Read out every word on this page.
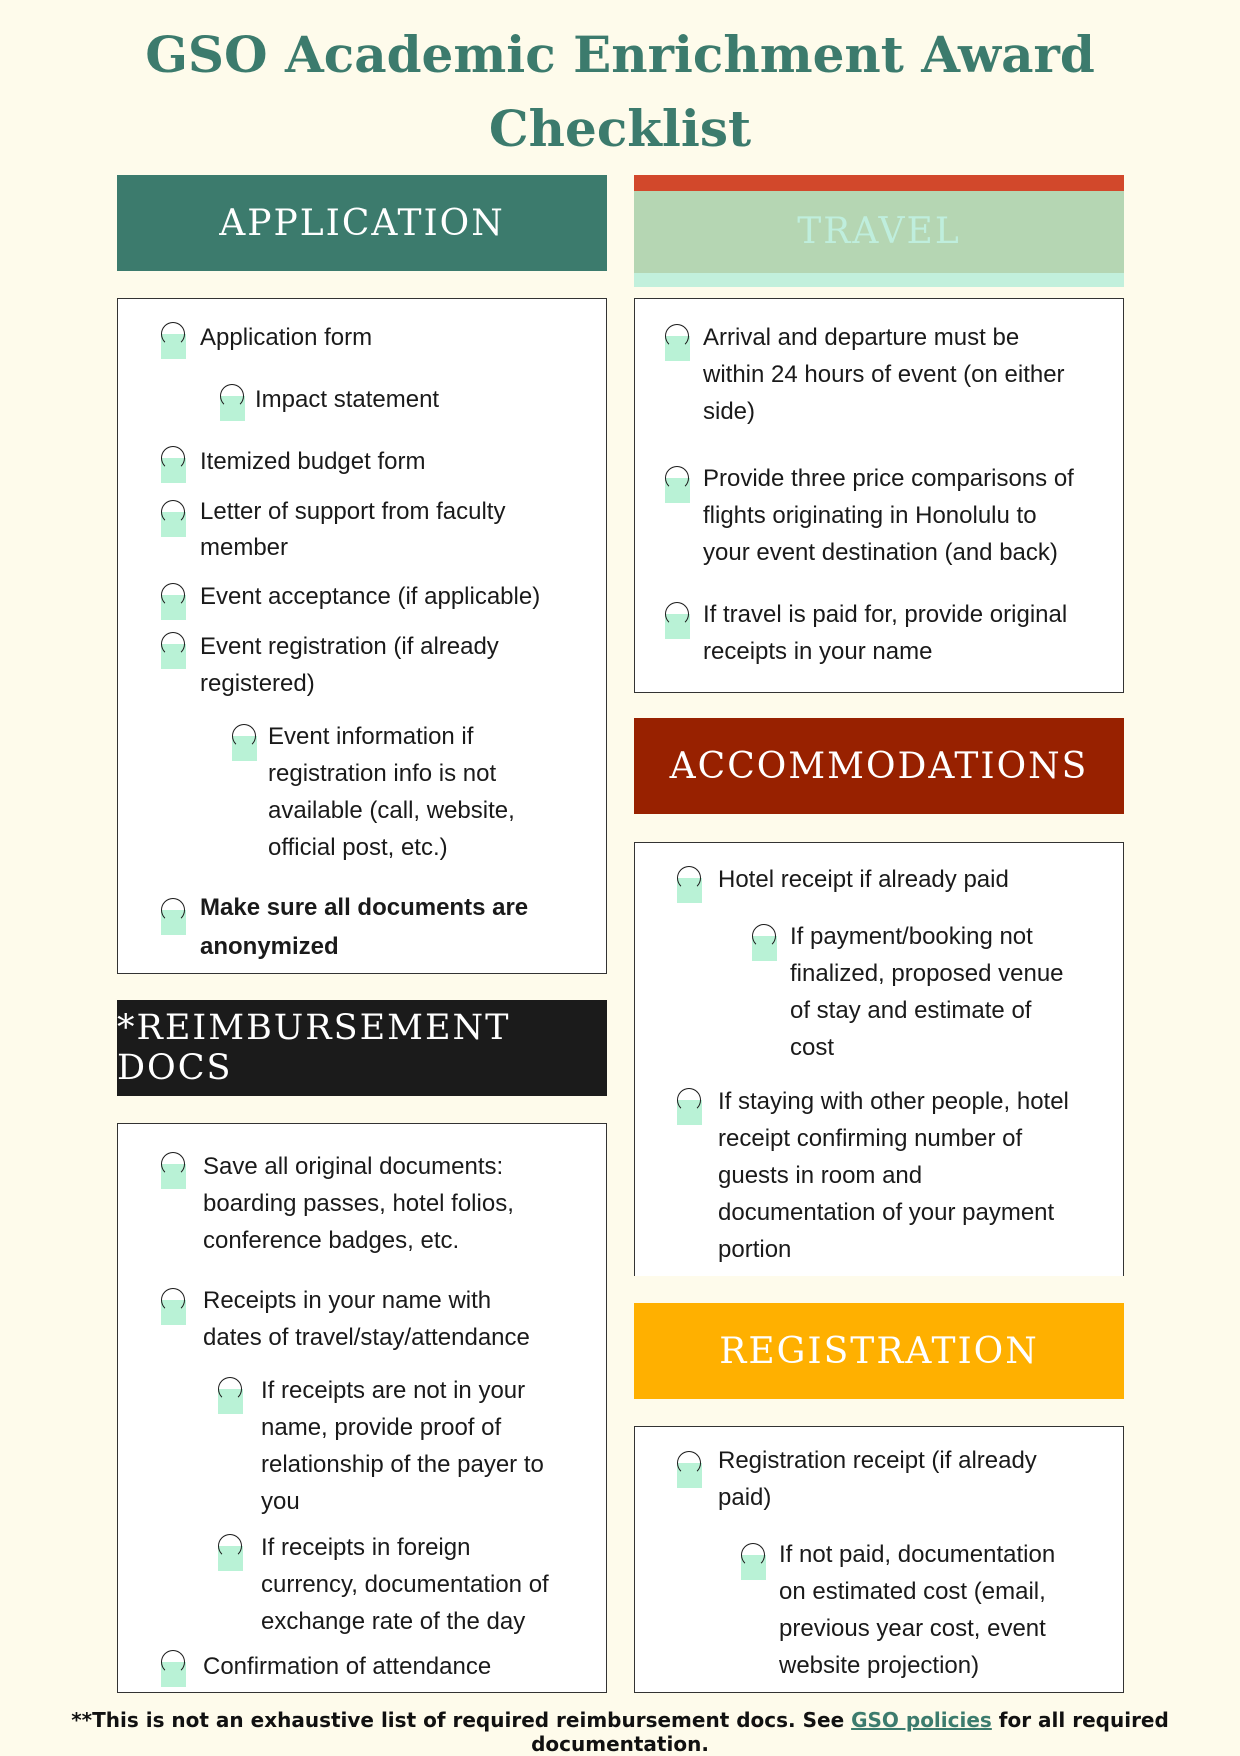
GSO Academic Enrichment Award
Checklist
APPLICATION
Application form
Impact statement
Itemized budget form
Letter of support from faculty
member
Event acceptance (if applicable)
Event registration (if already
registered)
Event information if
registration info is not
available (call, website,
official post, etc.)
Make sure all documents are
anonymized
TRAVEL
Arrival and departure must be
within 24 hours of event (on either
side)
Provide three price comparisons of
flights originating in Honolulu to
your event destination (and back)
If travel is paid for, provide original
receipts in your name
ACCOMMODATIONS
Hotel receipt if already paid
If payment/booking not
finalized, proposed venue
of stay and estimate of
cost
If staying with other people, hotel
receipt confirming number of
guests in room and
documentation of your payment
portion
*REIMBURSEMENT DOCS
Save all original documents:
boarding passes, hotel folios,
conference badges, etc.
Receipts in your name with
dates of travel/stay/attendance
If receipts are not in your
name, provide proof of
relationship of the payer to
you
If receipts in foreign
currency, documentation of
exchange rate of the day
Confirmation of attendance
REGISTRATION
Registration receipt (if already
paid)
If not paid, documentation
on estimated cost (email,
previous year cost, event
website projection)
**This is not an exhaustive list of required reimbursement docs. See GSO policies for all required documentation.
